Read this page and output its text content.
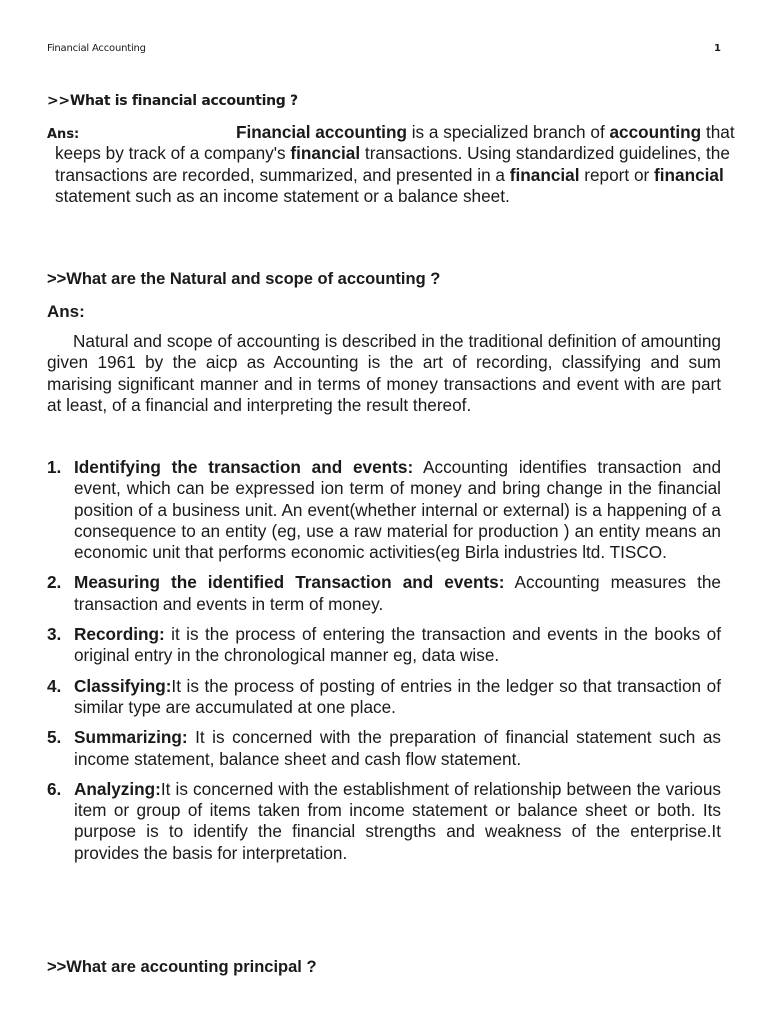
Financial Accounting	1
>>What is financial accounting ?
Ans:	Financial accounting is a specialized branch of accounting that keeps by track of a company's financial transactions. Using standardized guidelines, the transactions are recorded, summarized, and presented in a financial report or financial statement such as an income statement or a balance sheet.
>>What are the Natural and scope of accounting ?
Ans:
Natural and scope of accounting is described in the traditional definition of amounting given 1961 by the aicp as Accounting is the art of recording, classifying and sum marising significant manner and in terms of money transactions and event with are part at least, of a financial and interpreting the result thereof.
1. Identifying the transaction and events: Accounting identifies transaction and event, which can be expressed ion term of money and bring change in the financial position of a business unit. An event(whether internal or external) is a happening of a consequence to an entity (eg, use a raw material for production ) an entity means an economic unit that performs economic activities(eg Birla industries ltd. TISCO.
2. Measuring the identified Transaction and events: Accounting measures the transaction and events in term of money.
3. Recording: it is the process of entering the transaction and events in the books of original entry in the chronological manner eg, data wise.
4. Classifying:It is the process of posting of entries in the ledger so that transaction of similar type are accumulated at one place.
5. Summarizing: It is concerned with the preparation of financial statement such as income statement, balance sheet and cash flow statement.
6. Analyzing:It is concerned with the establishment of relationship between the various item or group of items taken from income statement or balance sheet or both. Its purpose is to identify the financial strengths and weakness of the enterprise.It provides the basis for interpretation.
>>What are accounting principal ?
